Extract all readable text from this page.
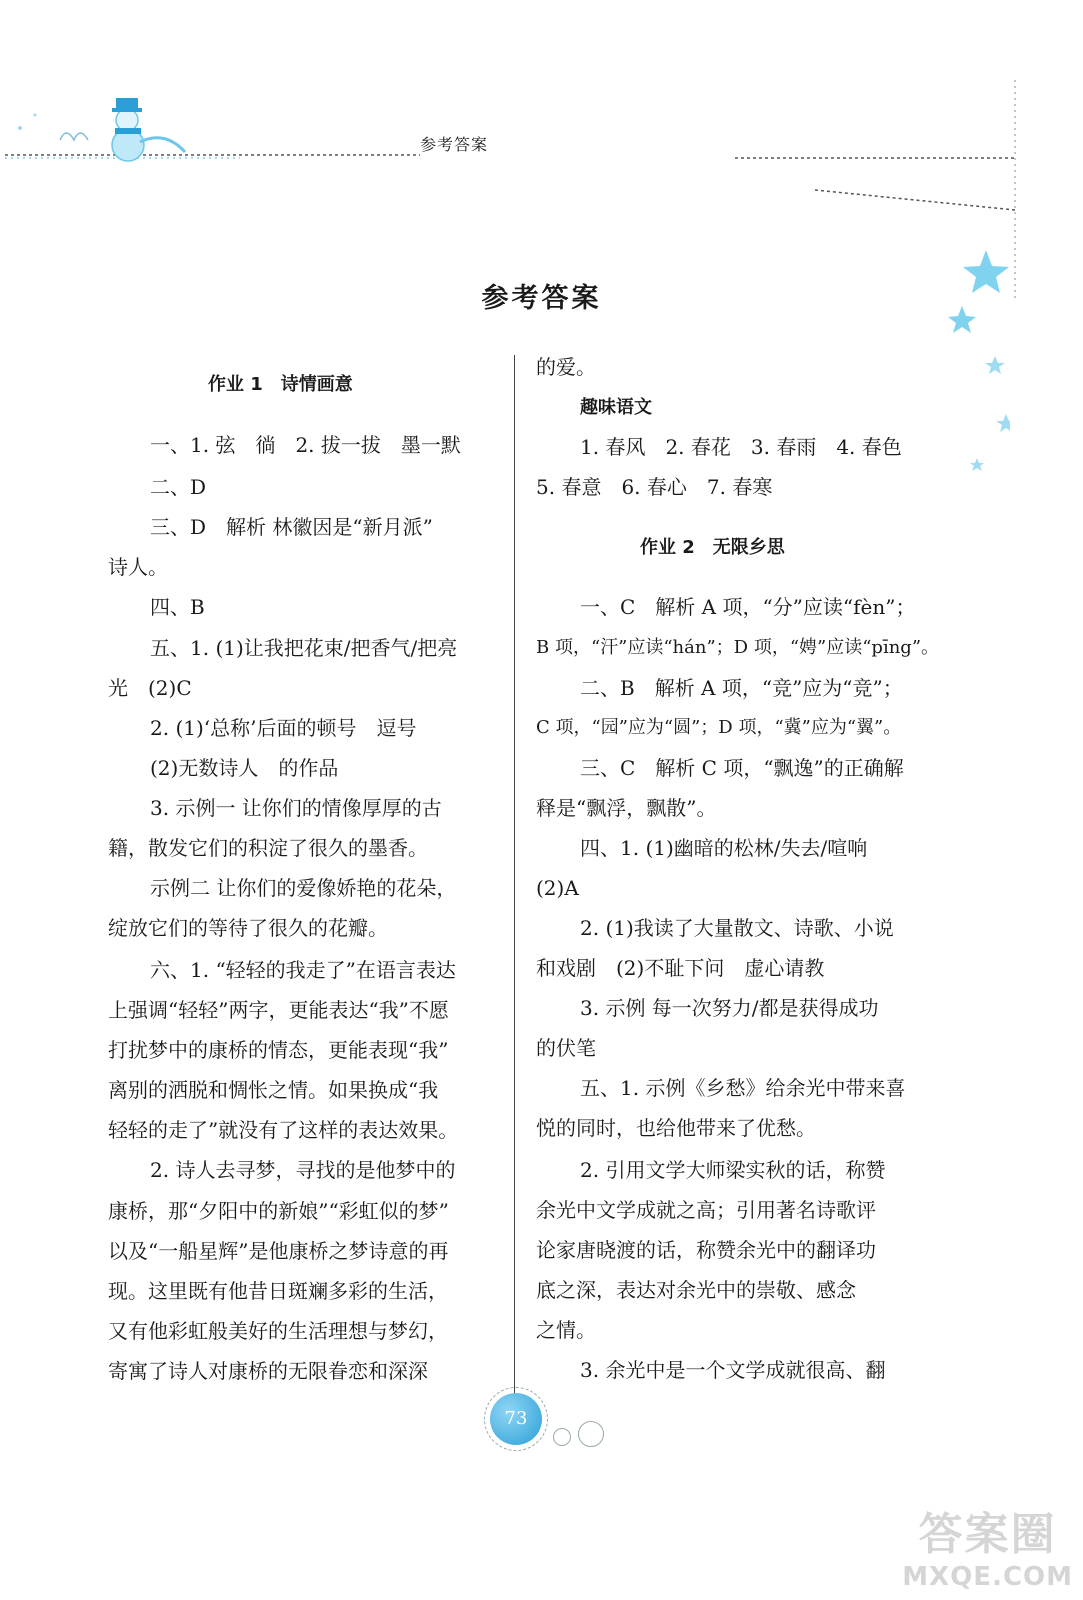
参考答案
参考答案
作业 1　诗情画意
一、1. 弦　徜　2. 拔一拔　墨一默
二、D
三、D　解析 林徽因是“新月派”
诗人。
四、B
五、1. (1)让我把花束/把香气/把亮
光　(2)C
2. (1)‘总称’后面的顿号　逗号
(2)无数诗人　的作品
3. 示例一 让你们的情像厚厚的古
籍，散发它们的积淀了很久的墨香。
示例二 让你们的爱像娇艳的花朵，
绽放它们的等待了很久的花瓣。
六、1. “轻轻的我走了”在语言表达
上强调“轻轻”两字，更能表达“我”不愿
打扰梦中的康桥的情态，更能表现“我”
离别的洒脱和惆怅之情。如果换成“我
轻轻的走了”就没有了这样的表达效果。
2. 诗人去寻梦，寻找的是他梦中的
康桥，那“夕阳中的新娘”“彩虹似的梦”
以及“一船星辉”是他康桥之梦诗意的再
现。这里既有他昔日斑斓多彩的生活，
又有他彩虹般美好的生活理想与梦幻，
寄寓了诗人对康桥的无限眷恋和深深
的爱。
趣味语文
1. 春风　2. 春花　3. 春雨　4. 春色
5. 春意　6. 春心　7. 春寒
作业 2　无限乡思
一、C　解析 A 项，“分”应读“fèn”；
B 项，“汗”应读“hán”；D 项，“娉”应读“pīng”。
二、B　解析 A 项，“竞”应为“竞”；
C 项，“园”应为“圆”；D 项，“冀”应为“翼”。
三、C　解析 C 项，“飘逸”的正确解
释是“飘浮，飘散”。
四、1. (1)幽暗的松林/失去/喧响
(2)A
2. (1)我读了大量散文、诗歌、小说
和戏剧　(2)不耻下问　虚心请教
3. 示例 每一次努力/都是获得成功
的伏笔
五、1. 示例《乡愁》给余光中带来喜
悦的同时，也给他带来了优愁。
2. 引用文学大师梁实秋的话，称赞
余光中文学成就之高；引用著名诗歌评
论家唐晓渡的话，称赞余光中的翻译功
底之深，表达对余光中的崇敬、感念
之情。
3. 余光中是一个文学成就很高、翻
73
答案圈
MXQE.COM
